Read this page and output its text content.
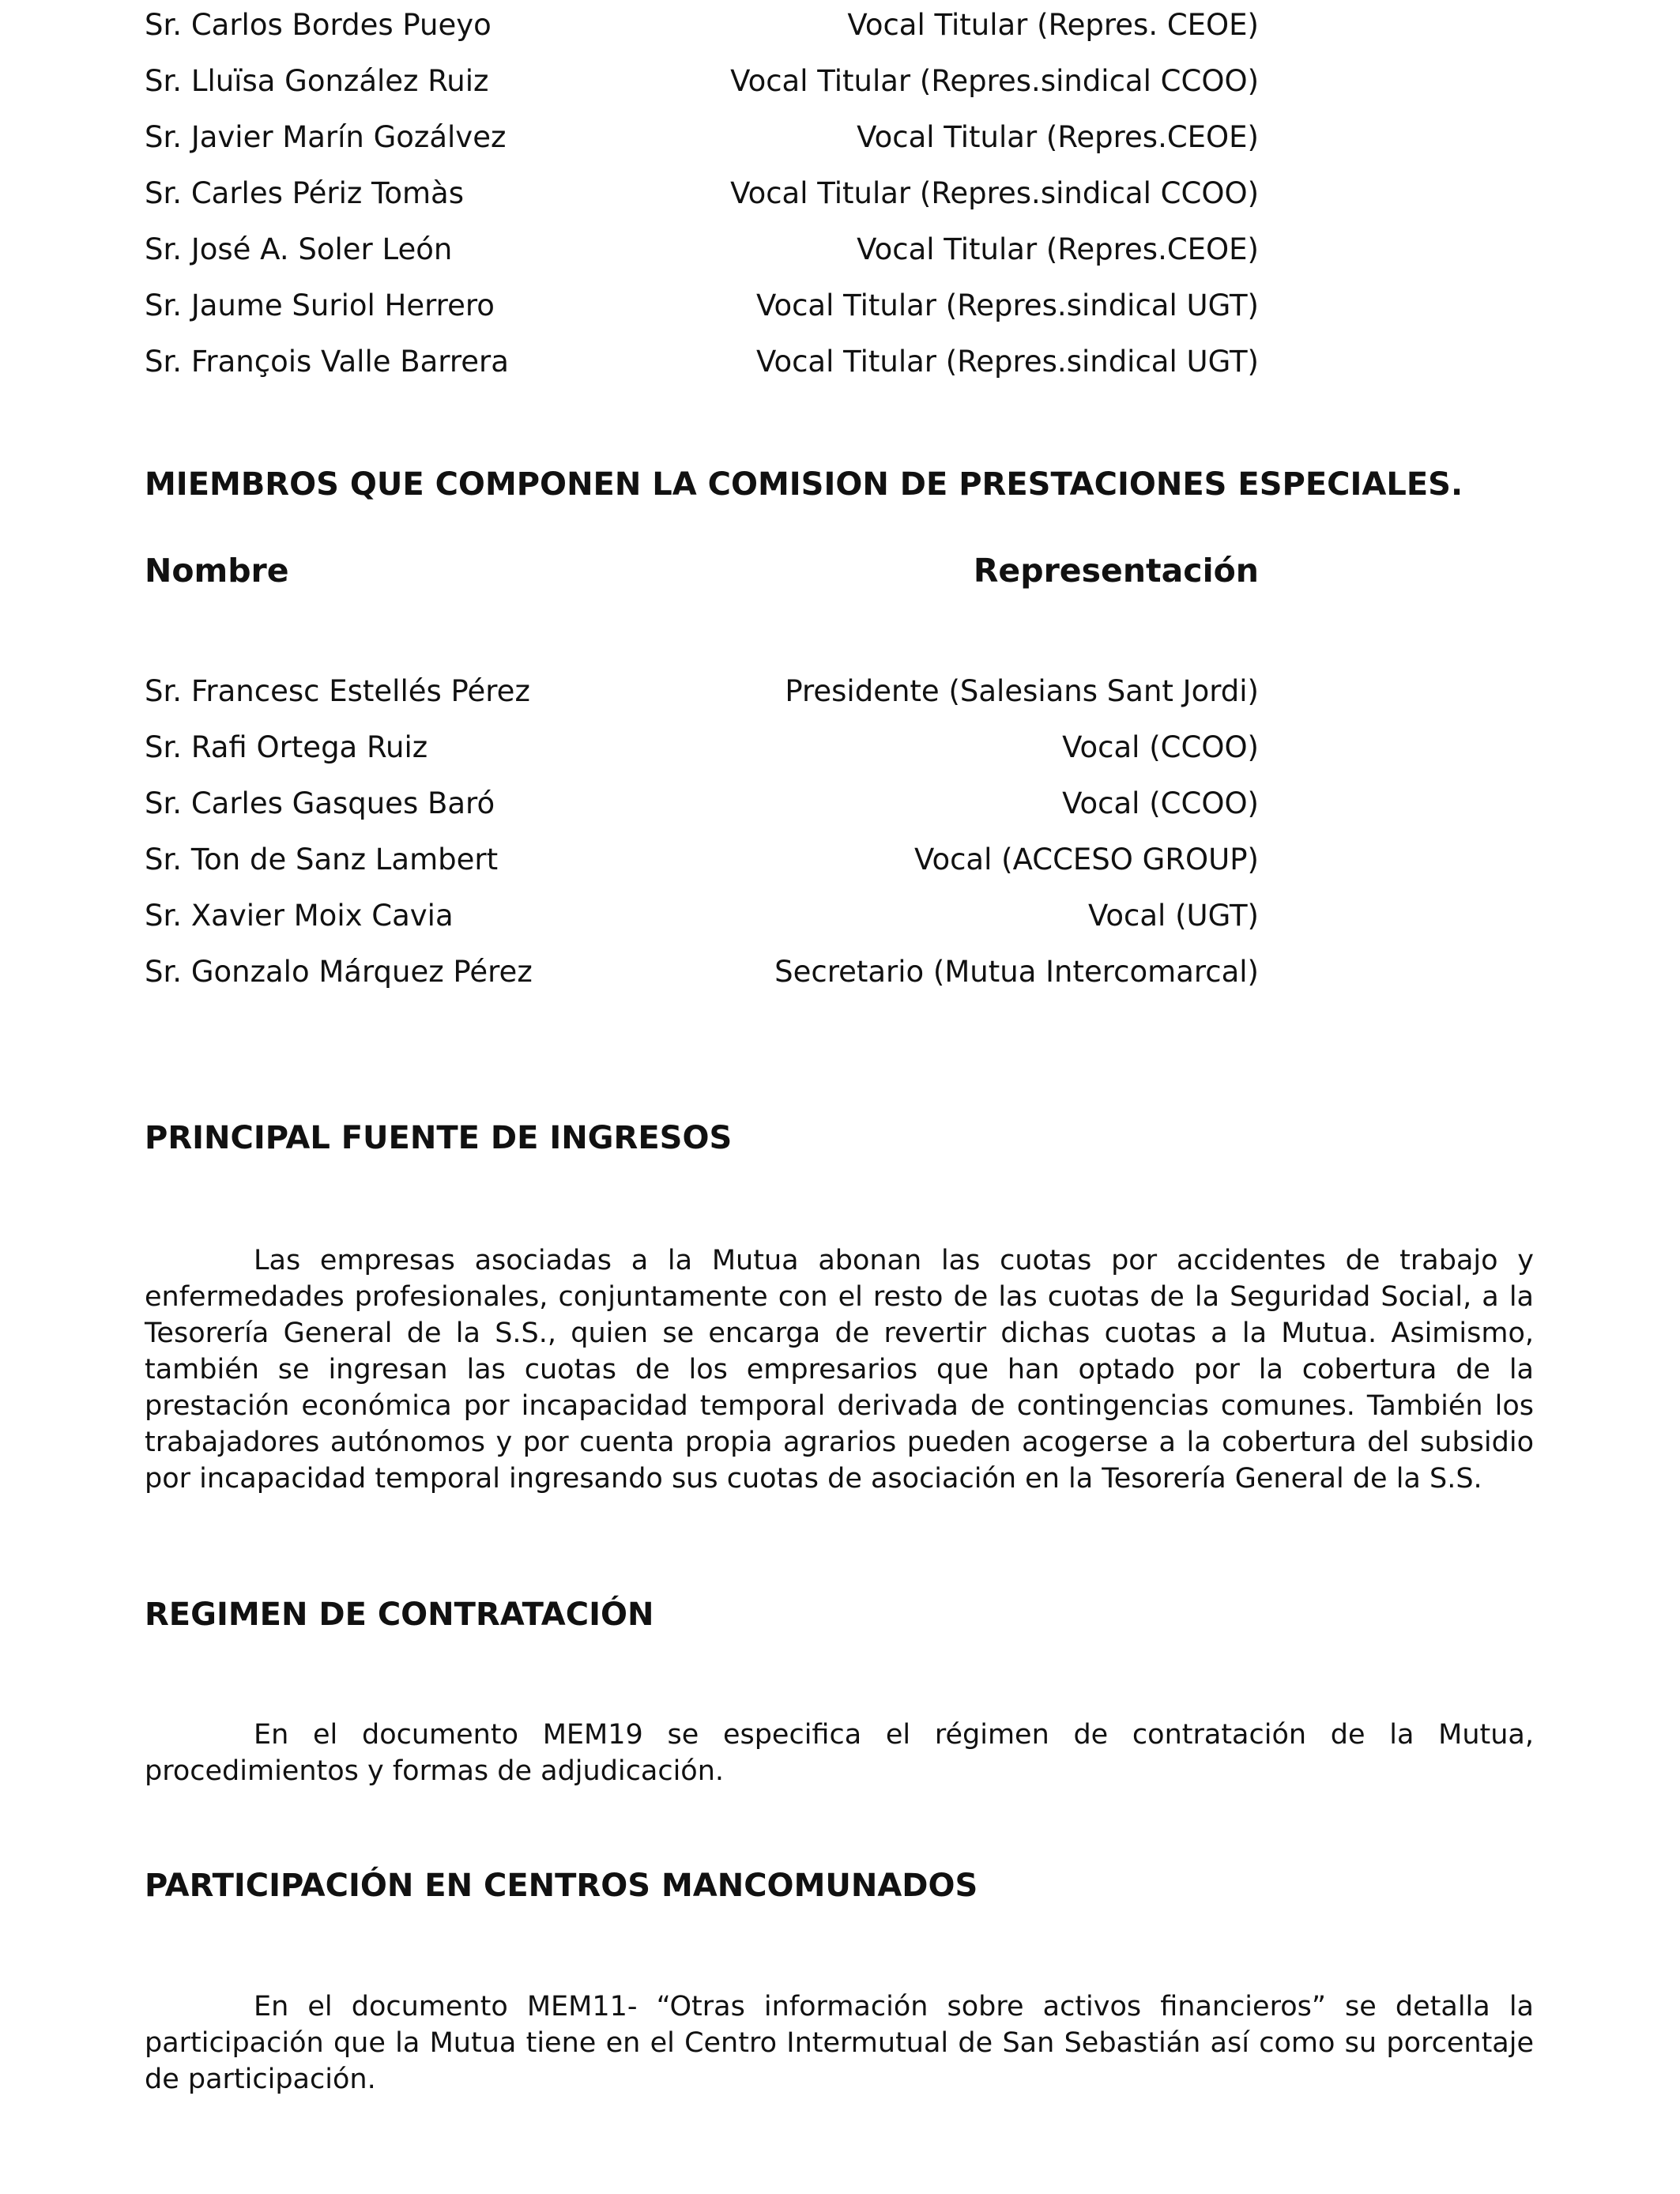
Sr. Carlos Bordes Pueyo	Vocal Titular (Repres. CEOE)
Sr. Lluïsa González Ruiz	Vocal Titular (Repres.sindical CCOO)
Sr. Javier Marín Gozálvez	Vocal Titular (Repres.CEOE)
Sr. Carles Périz Tomàs	Vocal Titular (Repres.sindical CCOO)
Sr. José A. Soler León	Vocal Titular (Repres.CEOE)
Sr. Jaume Suriol Herrero	Vocal Titular (Repres.sindical UGT)
Sr. François Valle Barrera	Vocal Titular (Repres.sindical UGT)
MIEMBROS QUE COMPONEN LA COMISION DE PRESTACIONES ESPECIALES.
Nombre	Representación
Sr. Francesc Estellés Pérez	Presidente (Salesians Sant Jordi)
Sr. Rafi Ortega Ruiz	Vocal (CCOO)
Sr. Carles Gasques Baró	Vocal (CCOO)
Sr. Ton de Sanz Lambert	Vocal (ACCESO GROUP)
Sr. Xavier Moix Cavia	Vocal (UGT)
Sr. Gonzalo Márquez Pérez	Secretario (Mutua Intercomarcal)
PRINCIPAL FUENTE DE INGRESOS
Las empresas asociadas a la Mutua abonan las cuotas por accidentes de trabajo y enfermedades profesionales, conjuntamente con el resto de las cuotas de la Seguridad Social, a la Tesorería General de la S.S., quien se encarga de revertir dichas cuotas a la Mutua. Asimismo, también se ingresan las cuotas de los empresarios que han optado por la cobertura de la prestación económica por incapacidad temporal derivada de contingencias comunes. También los trabajadores autónomos y por cuenta propia agrarios pueden acogerse a la cobertura del subsidio por incapacidad temporal ingresando sus cuotas de asociación en la Tesorería General de la S.S.
REGIMEN DE CONTRATACIÓN
En el documento MEM19 se especifica el régimen de contratación de la Mutua, procedimientos y formas de adjudicación.
PARTICIPACIÓN EN CENTROS MANCOMUNADOS
En el documento MEM11- “Otras información sobre activos financieros” se detalla la participación que la Mutua tiene en el Centro Intermutual de San Sebastián así como su porcentaje de participación.
